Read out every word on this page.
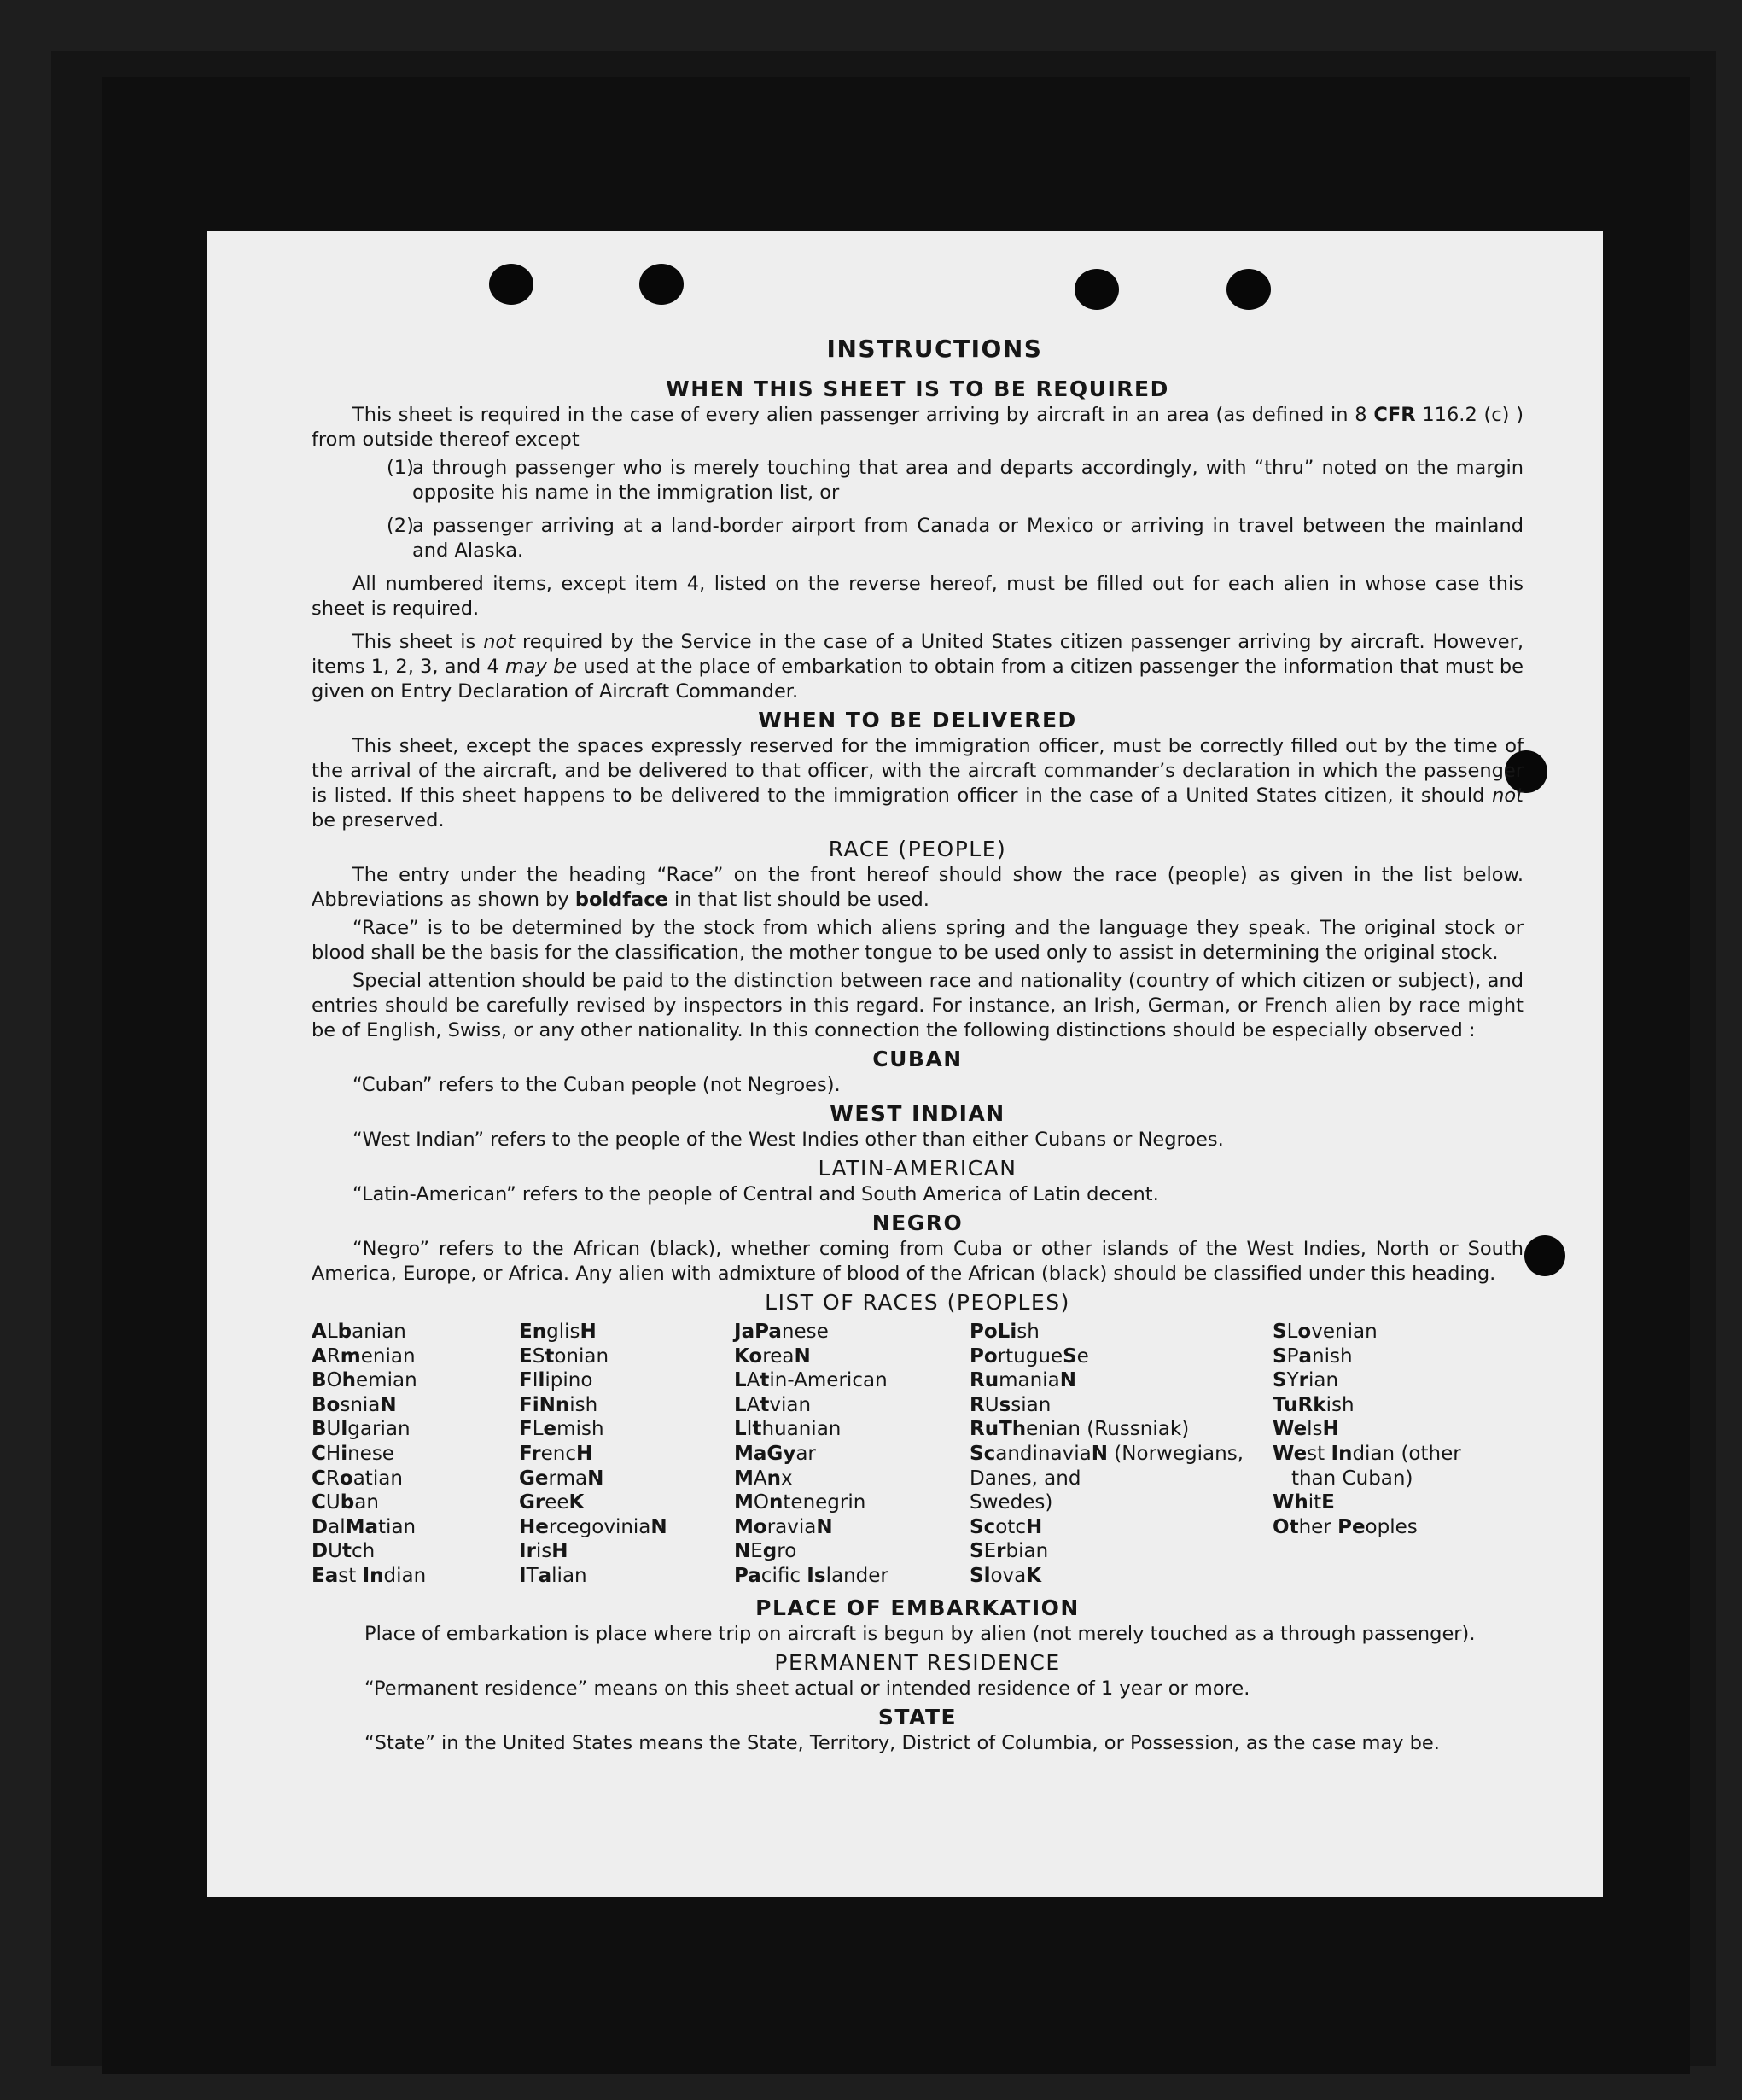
INSTRUCTIONS
WHEN THIS SHEET IS TO BE REQUIRED

This sheet is required in the case of every alien passenger arriving by aircraft in an area (as defined in 8 CFR 116.2 (c) ) from outside thereof except

(1)
a through passenger who is merely touching that area and departs accordingly, with “thru” noted on the margin opposite his name in the immigration list, or
(2)
a passenger arriving at a land-border airport from Canada or Mexico or arriving in travel between the mainland and Alaska.

All numbered items, except item 4, listed on the reverse hereof, must be filled out for each alien in whose case this sheet is required.

This sheet is not required by the Service in the case of a United States citizen passenger arriving by aircraft. However, items 1, 2, 3, and 4 may be used at the place of embarkation to obtain from a citizen passenger the information that must be given on Entry Declaration of Aircraft Commander.

WHEN TO BE DELIVERED

This sheet, except the spaces expressly reserved for the immigration officer, must be correctly filled out by the time of the arrival of the aircraft, and be delivered to that officer, with the aircraft commander’s declaration in which the passenger is listed. If this sheet happens to be delivered to the immigration officer in the case of a United States citizen, it should not be preserved.

RACE (PEOPLE)

The entry under the heading “Race” on the front hereof should show the race (people) as given in the list below. Abbreviations as shown by boldface in that list should be used.

“Race” is to be determined by the stock from which aliens spring and the language they speak. The original stock or blood shall be the basis for the classification, the mother tongue to be used only to assist in determining the original stock.

Special attention should be paid to the distinction between race and nationality (country of which citizen or subject), and entries should be carefully revised by inspectors in this regard. For instance, an Irish, German, or French alien by race might be of English, Swiss, or any other nationality. In this connection the following distinctions should be especially observed :

CUBAN

“Cuban” refers to the Cuban people (not Negroes).

WEST INDIAN

“West Indian” refers to the people of the West Indies other than either Cubans or Negroes.

LATIN-AMERICAN

“Latin-American” refers to the people of Central and South America of Latin decent.

NEGRO

“Negro” refers to the African (black), whether coming from Cuba or other islands of the West Indies, North or South America, Europe, or Africa. Any alien with admixture of blood of the African (black) should be classified under this heading.

LIST OF RACES (PEOPLES)
ALbanian
ARmenian
BOhemian
BosniaN
BUlgarian
CHinese
CRoatian
CUban
DalMatian
DUtch
East Indian
EnglisH
EStonian
FIlipino
FiNnish
FLemish
FrencH
GermaN
GreeK
HercegoviniaN
IrisH
ITalian
JaPanese
KoreaN
LAtin-American
LAtvian
LIthuanian
MaGyar
MAnx
MOntenegrin
MoraviaN
NEgro
Pacifc Islander
PoLish
PortugueSe
RumaniaN
RUssian
RuThenian (Russniak)
ScandinaviaN (Norwegians,
Danes, and
Swedes)
ScotcH
SErbian
SlovaK
SLovenian
SPanish
SYrian
TuRkish
WelsH
West Indian (other
than Cuban)
WhitE
Other Peoples
PLACE OF EMBARKATION

Place of embarkation is place where trip on aircraft is begun by alien (not merely touched as a through passenger).

PERMANENT RESIDENCE

“Permanent residence” means on this sheet actual or intended residence of 1 year or more.

STATE

“State” in the United States means the State, Territory, District of Columbia, or Possession, as the case may be.
